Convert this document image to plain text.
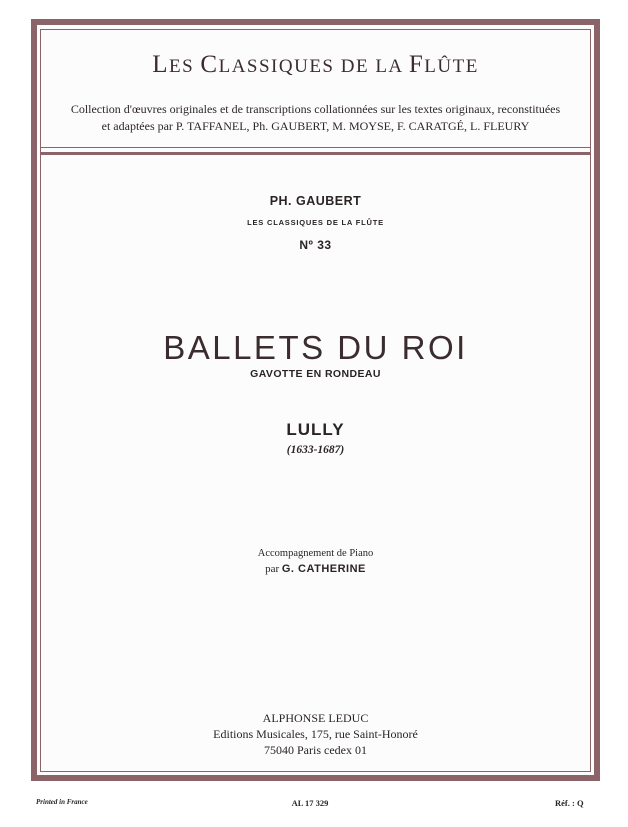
LES CLASSIQUES DE LA FLÛTE
Collection d'œuvres originales et de transcriptions collationnées sur les textes originaux, reconstituées
et adaptées par P. TAFFANEL, Ph. GAUBERT, M. MOYSE, F. CARATGÉ, L. FLEURY
PH. GAUBERT
LES CLASSIQUES DE LA FLÛTE
Nº 33
BALLETS DU ROI
GAVOTTE EN RONDEAU
LULLY
(1633-1687)
Accompagnement de Piano
par G. CATHERINE
ALPHONSE LEDUC
Editions Musicales, 175, rue Saint-Honoré
75040 Paris cedex 01
Printed in France	AL 17 329	Réf. : Q
